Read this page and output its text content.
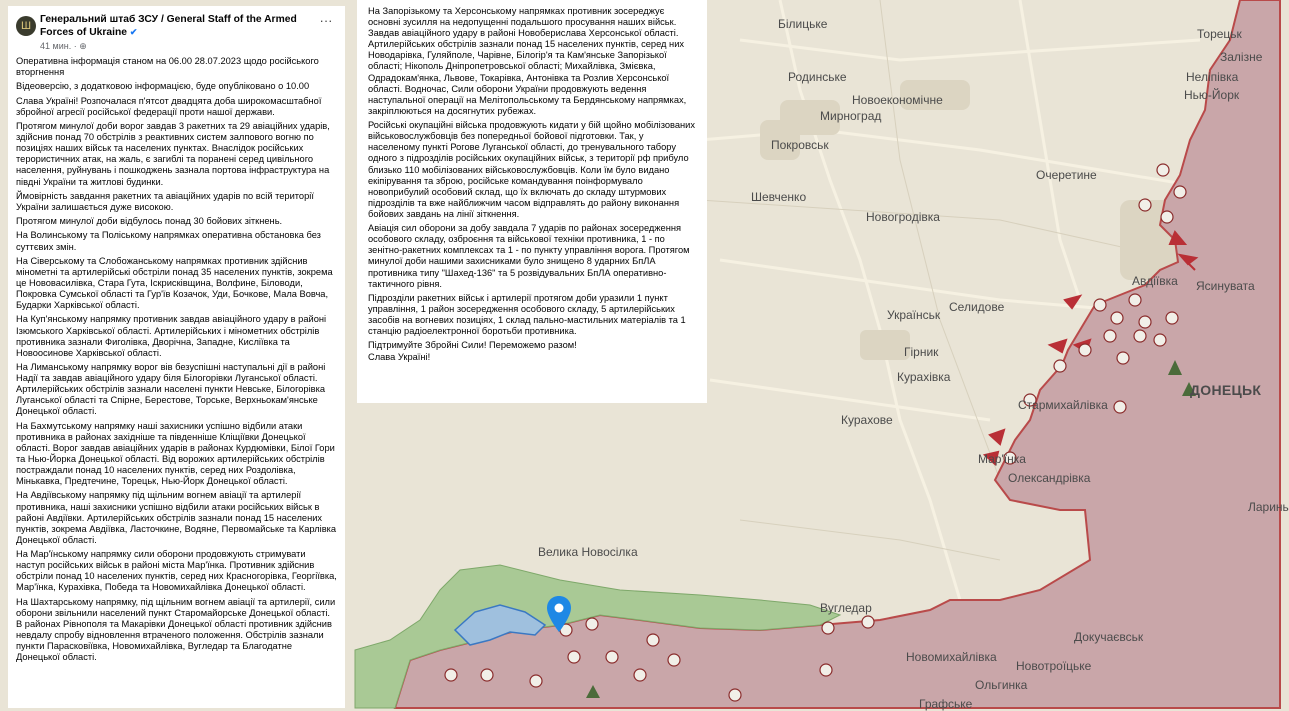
Білицьке
Родинське
Торецьк
Залізне
Неліпівка
Нью-Йорк
Новоекономічне
Мирноград
Покровськ
Очеретине
Шевченко
Новогродівка
Авдіївка Ясинувата
Селидове
Українськ
Гірник
Курахівка
Курахове
Стармихайлівка
Мар'їнка
Олександрівка
Велика Новосілка
Вугледар
Докучаєвськ
Новомихайлівка
Новотроїцьке
Ольгинка
Графське
Ларинь
ДОНЕЦЬК
Ш
Генеральний штаб ЗСУ / General Staff of the Armed Forces of Ukraine ✔
41 мин. · ⊕
···
Оперативна інформація станом на 06.00 28.07.2023 щодо російського вторгнення
Відеоверсію, з додатковою інформацією, буде опубліковано о 10.00
Слава Україні! Розпочалася п'ятсот двадцята доба широкомасштабної збройної агресії російської федерації проти нашої держави.
Протягом минулої доби ворог завдав 3 ракетних та 29 авіаційних ударів, здійснив понад 70 обстрілів з реактивних систем залпового вогню по позиціях наших військ та населених пунктах. Внаслідок російських терористичних атак, на жаль, є загиблі та поранені серед цивільного населення, руйнувань і пошкоджень зазнала портова інфраструктура на півдні України та житлові будинки.
Ймовірність завдання ракетних та авіаційних ударів по всій території України залишається дуже високою.
Протягом минулої доби відбулось понад 30 бойових зіткнень.
На Волинському та Поліському напрямках оперативна обстановка без суттєвих змін.
На Сіверському та Слобожанському напрямках противник здійснив мінометні та артилерійські обстріли понад 35 населених пунктів, зокрема це Нововасилівка, Стара Гута, Іскрисківщина, Волфине, Біловоди, Покровка Сумської області та Гур'їв Козачок, Уди, Бочкове, Мала Вовча, Бударки Харківської області.
На Куп'янському напрямку противник завдав авіаційного удару в районі Ізюмського Харківської області. Артилерійських і мінометних обстрілів противника зазнали Фиголівка, Дворічна, Западне, Кисліївка та Новоосинове Харківської області.
На Лиманському напрямку ворог вів безуспішні наступальні дії в районі Надії та завдав авіаційного удару біля Білогорівки Луганської області. Артилерійських обстрілів зазнали населені пункти Невське, Білогорівка Луганської області та Спірне, Берестове, Торське, Верхньокам'янське Донецької області.
На Бахмутському напрямку наші захисники успішно відбили атаки противника в районах західніше та південніше Кліщіївки Донецької області. Ворог завдав авіаційних ударів в районах Курдюмівки, Білої Гори та Нью-Йорка Донецької області. Від ворожих артилерійських обстрілів постраждали понад 10 населених пунктів, серед них Роздолівка, Мінькавка, Предтечине, Торецьк, Нью-Йорк Донецької області.
На Авдіївському напрямку під щільним вогнем авіації та артилерії противника, наші захисники успішно відбили атаки російських військ в районі Авдіївки. Артилерійських обстрілів зазнали понад 15 населених пунктів, зокрема Авдіївка, Ласточкине, Водяне, Первомайське та Карлівка Донецької області.
На Мар'їнському напрямку сили оборони продовжують стримувати наступ російських військ в районі міста Мар'їнка. Противник здійснив обстріли понад 10 населених пунктів, серед них Красногорівка, Георгіївка, Мар'їнка, Курахівка, Победа та Новомихайлівка Донецької області.
На Шахтарському напрямку, під щільним вогнем авіації та артилерії, сили оборони звільнили населений пункт Старомайорське Донецької області.
В районах Рівнополя та Макарівки Донецької області противник здійснив невдалу спробу відновлення втраченого положення. Обстрілів зазнали пункти Парасковіївка, Новомихайлівка, Вугледар та Благодатне Донецької області.
На Запорізькому та Херсонському напрямках противник зосереджує основні зусилля на недопущенні подальшого просування наших військ. Завдав авіаційного удару в районі Новоберислава Херсонської області. Артилерійських обстрілів зазнали понад 15 населених пунктів, серед них Новодарівка, Гуляйполе, Чарівне, Білогір'я та Кам'янське Запорізької області; Нікополь Дніпропетровської області; Михайлівка, Змієвка, Одрадокам'янка, Львове, Токарівка, Антонівка та Розлив Херсонської області. Водночас, Сили оборони України продовжують ведення наступальної операції на Мелітопольському та Бердянському напрямках, закріплюються на досягнутих рубежах.
Російські окупаційні війська продовжують кидати у бій щойно мобілізованих військовослужбовців без попередньої бойової підготовки. Так, у населеному пункті Рогове Луганської області, до тренувального табору одного з підрозділів російських окупаційних військ, з території рф прибуло близько 110 мобілізованих військовослужбовців. Коли їм було видано екіпірування та зброю, російське командування поінформувало новоприбулий особовий склад, що їх включать до складу штурмових підрозділів та вже найближчим часом відправлять до району виконання бойових завдань на лінії зіткнення.
Авіація сил оборони за добу завдала 7 ударів по районах зосередження особового складу, озброєння та військової техніки противника, 1 - по зенітно-ракетних комплексах та 1 - по пункту управління ворога. Протягом минулої доби нашими захисниками було знищено 8 ударних БпЛА противника типу "Шахед-136" та 5 розвідувальних БпЛА оперативно-тактичного рівня.
Підрозділи ракетних військ і артилерії протягом доби уразили 1 пункт управління, 1 район зосередження особового складу, 5 артилерійських засобів на вогневих позиціях, 1 склад пально-мастильних матеріалів та 1 станцію радіоелектронної боротьби противника.
Підтримуйте Збройні Сили! Переможемо разом!
Слава Україні!
